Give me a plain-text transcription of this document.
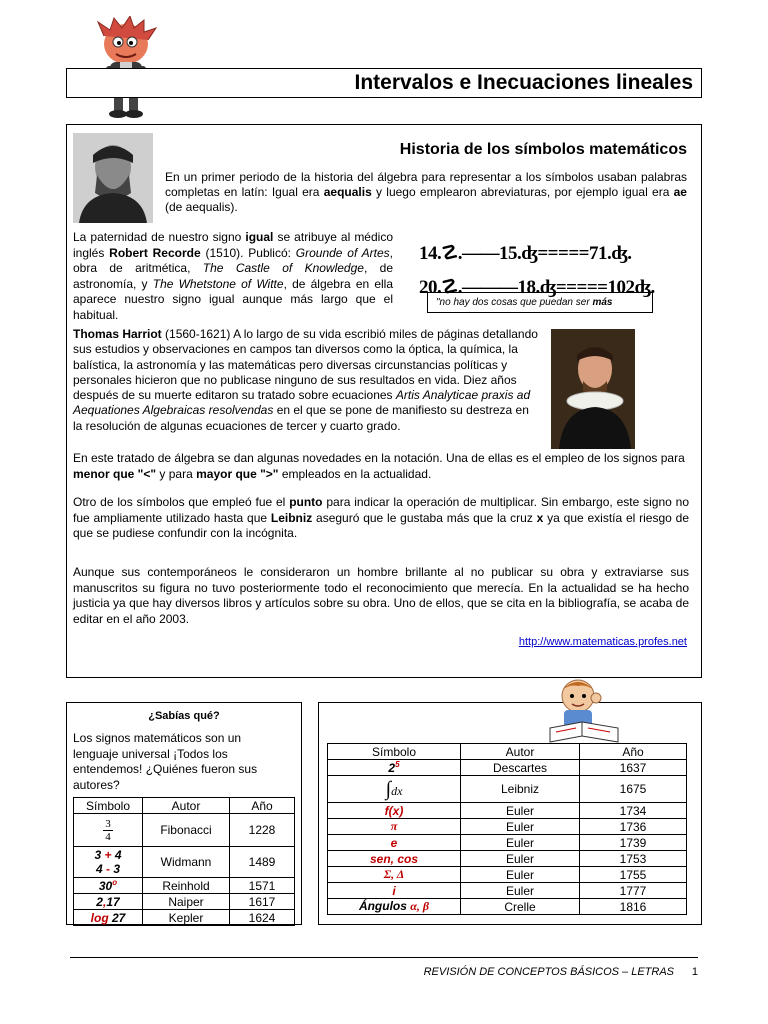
Intervalos e Inecuaciones lineales
Historia de los símbolos matemáticos

En un primer periodo de la historia del álgebra para representar a los símbolos usaban palabras completas en latín: Igual era aequalis y luego emplearon abreviaturas, por ejemplo igual era ae (de aequalis).

La paternidad de nuestro signo igual se atribuye al médico inglés Robert Recorde (1510). Publicó: Grounde of Artes, obra de aritmética, The Castle of Knowledge, de astronomía, y The Whetstone of Witte, de álgebra en ella aparece nuestro signo igual aunque más largo que el habitual.

14.☡.——15.ʤ=====71.ʤ.
20.☡.———18.ʤ=====102ʤ.
"no hay dos cosas que puedan ser más

Thomas Harriot (1560-1621) A lo largo de su vida escribió miles de páginas detallando sus estudios y observaciones en campos tan diversos como la óptica, la química, la balística, la astronomía y las matemáticas pero diversas circunstancias políticas y personales hicieron que no publicase ninguno de sus resultados en vida. Diez años después de su muerte editaron su tratado sobre ecuaciones Artis Analyticae praxis ad Aequationes Algebraicas resolvendas en el que se pone de manifiesto su destreza en la resolución de algunas ecuaciones de tercer y cuarto grado.

En este tratado de álgebra se dan algunas novedades en la notación. Una de ellas es el empleo de los signos para menor que "<" y para mayor que ">" empleados en la actualidad.

Otro de los símbolos que empleó fue el punto para indicar la operación de multiplicar. Sin embargo, este signo no fue ampliamente utilizado hasta que Leibniz aseguró que le gustaba más que la cruz x ya que existía el riesgo de que se pudiese confundir con la incógnita.

Aunque sus contemporáneos le consideraron un hombre brillante al no publicar su obra y extraviarse sus manuscritos su figura no tuvo posteriormente todo el reconocimiento que merecía. En la actualidad se ha hecho justicia ya que hay diversos libros y artículos sobre su obra. Uno de ellos, que se cita en la bibliografía, se acaba de editar en el año 2003.

http://www.matematicas.profes.net
¿Sabías qué?

Los signos matemáticos son un lenguaje universal ¡Todos los entendemos! ¿Quiénes fueron sus autores?

Símbolo	Autor	Año

3
4	Fibonacci	1228

3 + 4
4 - 3	Widmann	1489
30$^o$	Reinhold	1571
2,17	Naiper	1617
log 27	Kepler	1624
Símbolo	Autor	Año
$2^5$	Descartes	1637
∫dx	Leibniz	1675
f(x)	Euler	1734
π	Euler	1736
e	Euler	1739
sen, cos	Euler	1753
Σ, Δ	Euler	1755
i	Euler	1777
Ángulos α, β	Crelle	1816
REVISIÓN DE CONCEPTOS BÁSICOS – LETRAS 1
